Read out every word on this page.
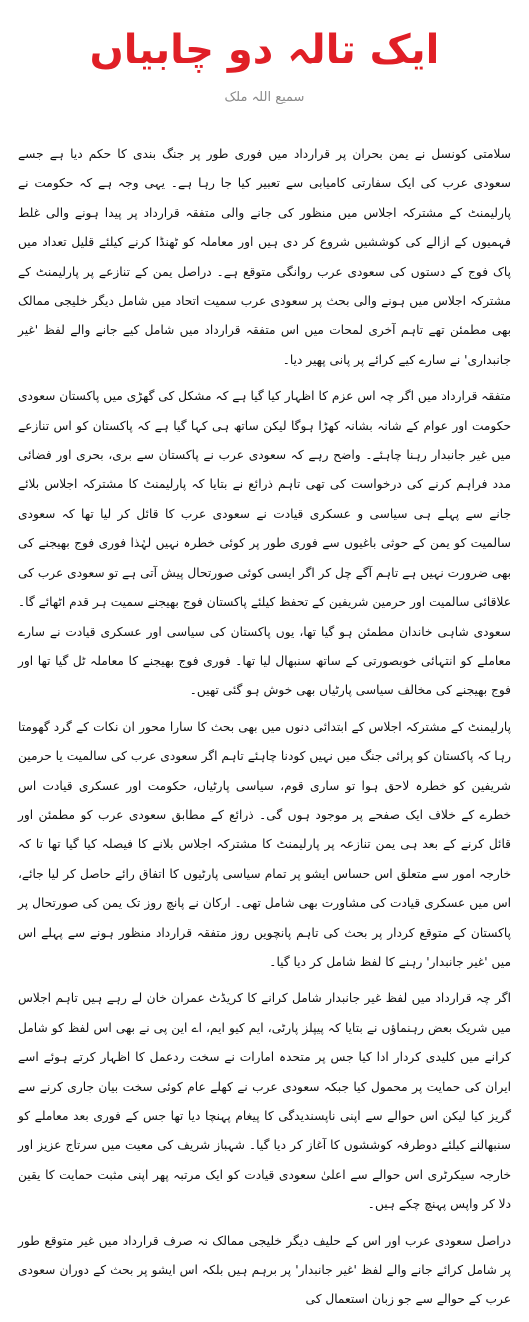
ایک تالہ دو چابیاں
سمیع اللہ ملک

سلامتی کونسل نے یمن بحران پر قرارداد میں فوری طور پر جنگ بندی کا حکم دیا ہے جسے سعودی عرب کی ایک سفارتی کامیابی سے تعبیر کیا جا رہا ہے۔ یہی وجہ ہے کہ حکومت نے پارلیمنٹ کے مشترکہ اجلاس میں منظور کی جانے والی متفقہ قرارداد پر پیدا ہونے والی غلط فہمیوں کے ازالے کی کوششیں شروع کر دی ہیں اور معاملہ کو ٹھنڈا کرنے کیلئے قلیل تعداد میں پاک فوج کے دستوں کی سعودی عرب روانگی متوقع ہے۔ دراصل یمن کے تنازعے پر پارلیمنٹ کے مشترکہ اجلاس میں ہونے والی بحث پر سعودی عرب سمیت اتحاد میں شامل دیگر خلیجی ممالک بھی مطمئن تھے تاہم آخری لمحات میں اس متفقہ قرارداد میں شامل کیے جانے والے لفظ 'غیر جانبداری' نے سارے کیے کرائے پر پانی پھیر دیا۔

متفقہ قرارداد میں اگر چہ اس عزم کا اظہار کیا گیا ہے کہ مشکل کی گھڑی میں پاکستان سعودی حکومت اور عوام کے شانہ بشانہ کھڑا ہوگا لیکن ساتھ ہی کہا گیا ہے کہ پاکستان کو اس تنازعے میں غیر جانبدار رہنا چاہئے۔ واضح رہے کہ سعودی عرب نے پاکستان سے بری، بحری اور فضائی مدد فراہم کرنے کی درخواست کی تھی تاہم ذرائع نے بتایا کہ پارلیمنٹ کا مشترکہ اجلاس بلائے جانے سے پہلے ہی سیاسی و عسکری قیادت نے سعودی عرب کا قائل کر لیا تھا کہ سعودی سالمیت کو یمن کے حوثی باغیوں سے فوری طور پر کوئی خطرہ نہیں لہٰذا فوری فوج بھیجنے کی بھی ضرورت نہیں ہے تاہم آگے چل کر اگر ایسی کوئی صورتحال پیش آتی ہے تو سعودی عرب کی علاقائی سالمیت اور حرمین شریفین کے تحفظ کیلئے پاکستان فوج بھیجنے سمیت ہر قدم اٹھائے گا۔ سعودی شاہی خاندان مطمئن ہو گیا تھا، یوں پاکستان کی سیاسی اور عسکری قیادت نے سارے معاملے کو انتہائی خوبصورتی کے ساتھ سنبھال لیا تھا۔ فوری فوج بھیجنے کا معاملہ ٹل گیا تھا اور فوج بھیجنے کی مخالف سیاسی پارٹیاں بھی خوش ہو گئی تھیں۔

پارلیمنٹ کے مشترکہ اجلاس کے ابتدائی دنوں میں بھی بحث کا سارا محور ان نکات کے گرد گھومتا رہا کہ پاکستان کو پرائی جنگ میں نہیں کودنا چاہئے تاہم اگر سعودی عرب کی سالمیت یا حرمین شریفین کو خطرہ لاحق ہوا تو ساری قوم، سیاسی پارٹیاں، حکومت اور عسکری قیادت اس خطرے کے خلاف ایک صفحے پر موجود ہوں گی۔ ذرائع کے مطابق سعودی عرب کو مطمئن اور قائل کرنے کے بعد ہی یمن تنازعہ پر پارلیمنٹ کا مشترکہ اجلاس بلانے کا فیصلہ کیا گیا تھا تا کہ خارجہ امور سے متعلق اس حساس ایشو پر تمام سیاسی پارٹیوں کا اتفاق رائے حاصل کر لیا جائے، اس میں عسکری قیادت کی مشاورت بھی شامل تھی۔ ارکان نے پانچ روز تک یمن کی صورتحال پر پاکستان کے متوقع کردار پر بحث کی تاہم پانچویں روز متفقہ قرارداد منظور ہونے سے پہلے اس میں 'غیر جانبدار' رہنے کا لفظ شامل کر دیا گیا۔

اگر چہ قرارداد میں لفظ غیر جانبدار شامل کرانے کا کریڈٹ عمران خان لے رہے ہیں تاہم اجلاس میں شریک بعض رہنماؤں نے بتایا کہ پیپلز پارٹی، ایم کیو ایم، اے این پی نے بھی اس لفظ کو شامل کرانے میں کلیدی کردار ادا کیا جس پر متحدہ امارات نے سخت ردعمل کا اظہار کرتے ہوئے اسے ایران کی حمایت پر محمول کیا جبکہ سعودی عرب نے کھلے عام کوئی سخت بیان جاری کرنے سے گریز کیا لیکن اس حوالے سے اپنی ناپسندیدگی کا پیغام پہنچا دیا تھا جس کے فوری بعد معاملے کو سنبھالنے کیلئے دوطرفہ کوششوں کا آغاز کر دیا گیا۔ شہباز شریف کی معیت میں سرتاج عزیز اور خارجہ سیکرٹری اس حوالے سے اعلیٰ سعودی قیادت کو ایک مرتبہ پھر اپنی مثبت حمایت کا یقین دلا کر واپس پہنچ چکے ہیں۔

دراصل سعودی عرب اور اس کے حلیف دیگر خلیجی ممالک نہ صرف قرارداد میں غیر متوقع طور پر شامل کرائے جانے والے لفظ 'غیر جانبدار' پر برہم ہیں بلکہ اس ایشو پر بحث کے دوران سعودی عرب کے حوالے سے جو زبان استعمال کی
